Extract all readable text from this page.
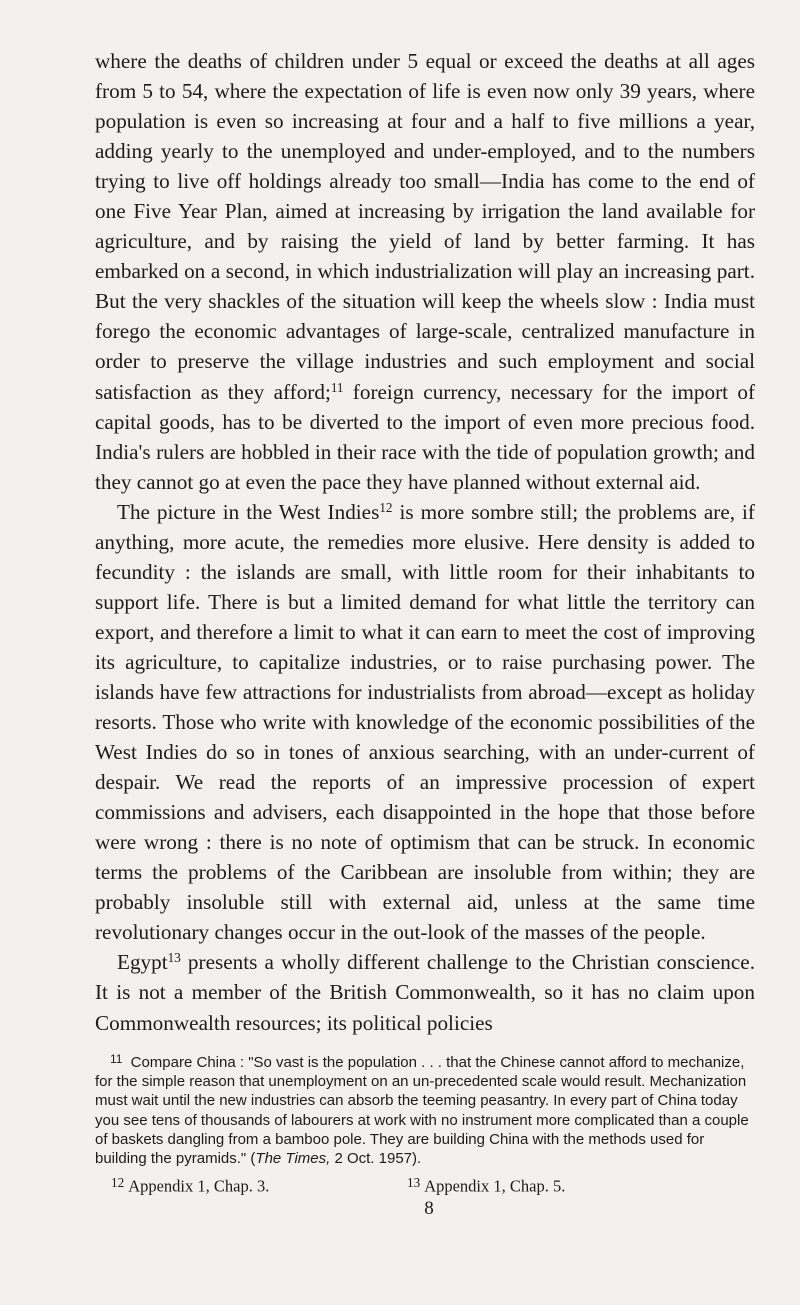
where the deaths of children under 5 equal or exceed the deaths at all ages from 5 to 54, where the expectation of life is even now only 39 years, where population is even so increasing at four and a half to five millions a year, adding yearly to the unemployed and under-employed, and to the numbers trying to live off holdings already too small—India has come to the end of one Five Year Plan, aimed at increasing by irrigation the land available for agriculture, and by raising the yield of land by better farming. It has embarked on a second, in which industrialization will play an increasing part. But the very shackles of the situation will keep the wheels slow : India must forego the economic advantages of large-scale, centralized manufacture in order to preserve the village industries and such employment and social satisfaction as they afford;$^{11}$ foreign currency, necessary for the import of capital goods, has to be diverted to the import of even more precious food. India's rulers are hobbled in their race with the tide of population growth; and they cannot go at even the pace they have planned without external aid.

The picture in the West Indies$^{12}$ is more sombre still; the problems are, if anything, more acute, the remedies more elusive. Here density is added to fecundity : the islands are small, with little room for their inhabitants to support life. There is but a limited demand for what little the territory can export, and therefore a limit to what it can earn to meet the cost of improving its agriculture, to capitalize industries, or to raise purchasing power. The islands have few attractions for industrialists from abroad—except as holiday resorts. Those who write with knowledge of the economic possibilities of the West Indies do so in tones of anxious searching, with an under-current of despair. We read the reports of an impressive procession of expert commissions and advisers, each disappointed in the hope that those before were wrong : there is no note of optimism that can be struck. In economic terms the problems of the Caribbean are insoluble from within; they are probably insoluble still with external aid, unless at the same time revolutionary changes occur in the out-look of the masses of the people.

Egypt$^{13}$ presents a wholly different challenge to the Christian conscience. It is not a member of the British Commonwealth, so it has no claim upon Commonwealth resources; its political policies

$^{11}$ Compare China : "So vast is the population . . . that the Chinese cannot afford to mechanize, for the simple reason that unemployment on an un-precedented scale would result. Mechanization must wait until the new industries can absorb the teeming peasantry. In every part of China today you see tens of thousands of labourers at work with no instrument more complicated than a couple of baskets dangling from a bamboo pole. They are building China with the methods used for building the pyramids." (The Times, 2 Oct. 1957).

$^{12}$ Appendix 1, Chap. 3.	$^{13}$ Appendix 1, Chap. 5.
8
